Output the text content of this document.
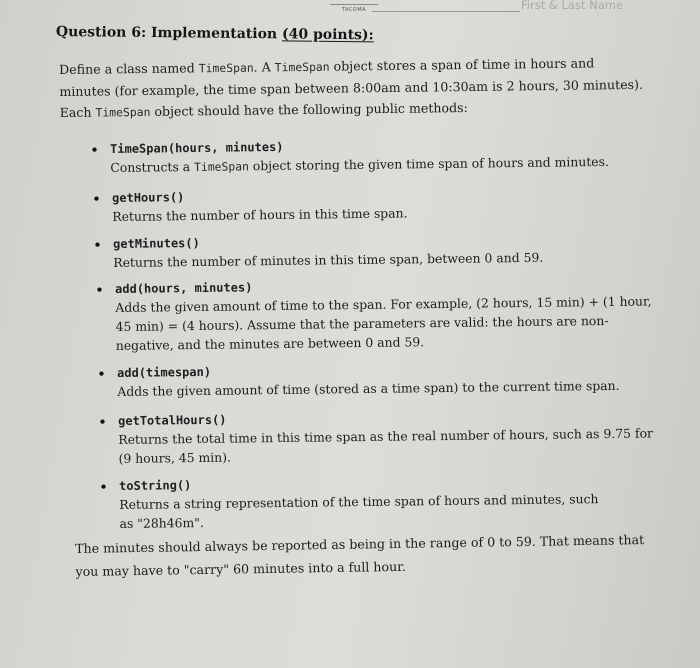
TACOMA	First & Last Name
Question 6: Implementation (40 points):
Define a class named TimeSpan. A TimeSpan object stores a span of time in hours and
minutes (for example, the time span between 8:00am and 10:30am is 2 hours, 30 minutes).
Each TimeSpan object should have the following public methods:
• TimeSpan(hours, minutes)
Constructs a TimeSpan object storing the given time span of hours and minutes.
• getHours()
Returns the number of hours in this time span.
• getMinutes()
Returns the number of minutes in this time span, between 0 and 59.
• add(hours, minutes)
Adds the given amount of time to the span. For example, (2 hours, 15 min) + (1 hour,
45 min) = (4 hours). Assume that the parameters are valid: the hours are non-
negative, and the minutes are between 0 and 59.
• add(timespan)
Adds the given amount of time (stored as a time span) to the current time span.
• getTotalHours()
Returns the total time in this time span as the real number of hours, such as 9.75 for
(9 hours, 45 min).
• toString()
Returns a string representation of the time span of hours and minutes, such
as "28h46m".
The minutes should always be reported as being in the range of 0 to 59. That means that
you may have to "carry" 60 minutes into a full hour.
